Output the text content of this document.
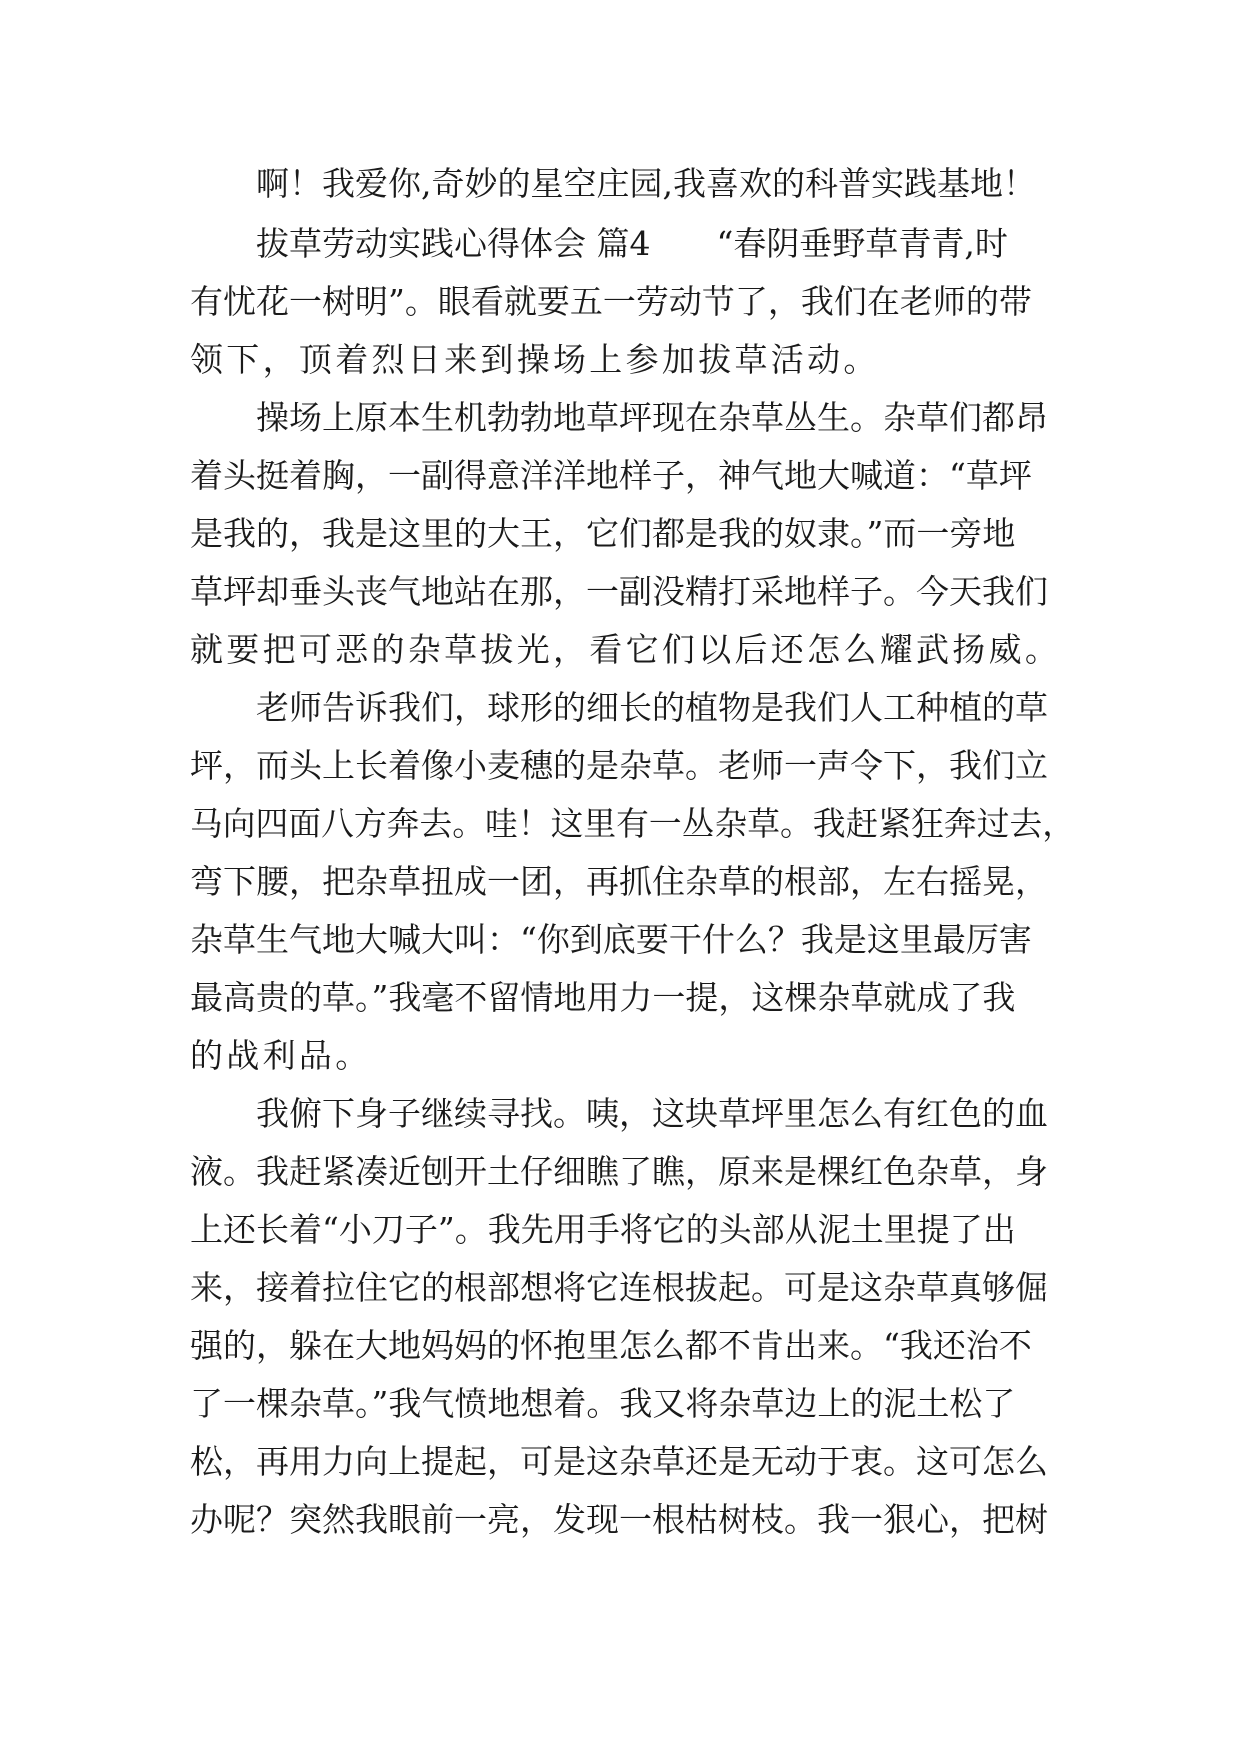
啊！我爱你,奇妙的星空庄园,我喜欢的科普实践基地！
拔草劳动实践心得体会 篇4　　“春阴垂野草青青,时
有忧花一树明”。眼看就要五一劳动节了，我们在老师的带
领下，顶着烈日来到操场上参加拔草活动。
操场上原本生机勃勃地草坪现在杂草丛生。杂草们都昂
着头挺着胸，一副得意洋洋地样子，神气地大喊道：“草坪
是我的，我是这里的大王，它们都是我的奴隶。”而一旁地
草坪却垂头丧气地站在那，一副没精打采地样子。今天我们
就要把可恶的杂草拔光，看它们以后还怎么耀武扬威。
老师告诉我们，球形的细长的植物是我们人工种植的草
坪，而头上长着像小麦穗的是杂草。老师一声令下，我们立
马向四面八方奔去。哇！这里有一丛杂草。我赶紧狂奔过去，
弯下腰，把杂草扭成一团，再抓住杂草的根部，左右摇晃，
杂草生气地大喊大叫：“你到底要干什么？我是这里最厉害
最高贵的草。”我毫不留情地用力一提，这棵杂草就成了我
的战利品。
我俯下身子继续寻找。咦，这块草坪里怎么有红色的血
液。我赶紧凑近刨开土仔细瞧了瞧，原来是棵红色杂草，身
上还长着“小刀子”。我先用手将它的头部从泥土里提了出
来，接着拉住它的根部想将它连根拔起。可是这杂草真够倔
强的，躲在大地妈妈的怀抱里怎么都不肯出来。“我还治不
了一棵杂草。”我气愤地想着。我又将杂草边上的泥土松了
松，再用力向上提起，可是这杂草还是无动于衷。这可怎么
办呢？突然我眼前一亮，发现一根枯树枝。我一狠心，把树
